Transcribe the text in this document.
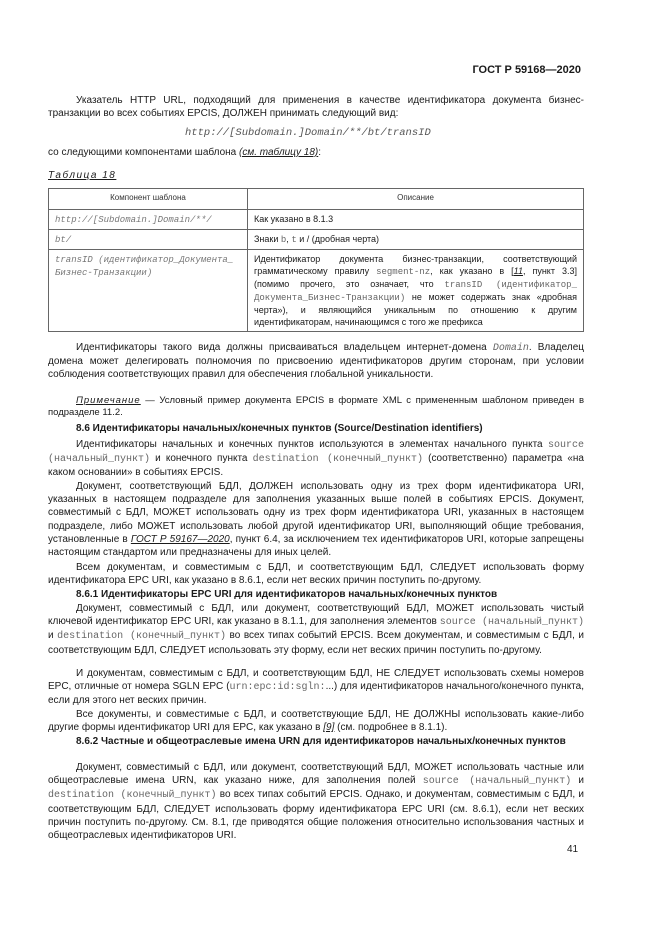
ГОСТ Р 59168—2020

Указатель HTTP URL, подходящий для применения в качестве идентификатора документа бизнес-транзакции во всех событиях EPCIS, ДОЛЖЕН принимать следующий вид:

http://[Subdomain.]Domain/**/bt/transID

со следующими компонентами шаблона (см. таблицу 18):

Таблица 18
Компонент шаблона	Описание
http://[Subdomain.]Domain/**/	Как указано в 8.1.3
bt/	Знаки b, t и / (дробная черта)
transID (идентификатор_Документа_ Бизнес-Транзакции)	Идентификатор документа бизнес-транзакции, соответствующий грамматическому правилу segment-nz, как указано в [11, пункт 3.3] (помимо прочего, это означает, что transID (идентификатор_ Документа_Бизнес-Транзакции) не может содержать знак «дробная черта»), и являющийся уникальным по отношению к другим идентификаторам, начинающимся с того же префикса

Идентификаторы такого вида должны присваиваться владельцем интернет-домена Domain. Владелец домена может делегировать полномочия по присвоению идентификаторов другим сторонам, при условии соблюдения соответствующих правил для обеспечения глобальной уникальности.

Примечание — Условный пример документа EPCIS в формате XML с примененным шаблоном приведен в подразделе 11.2.

8.6 Идентификаторы начальных/конечных пунктов (Source/Destination identifiers)

Идентификаторы начальных и конечных пунктов используются в элементах начального пункта source (начальный_пункт) и конечного пункта destination (конечный_пункт) (соответственно) параметра «на каком основании» в событиях EPCIS.

Документ, соответствующий БДЛ, ДОЛЖЕН использовать одну из трех форм идентификатора URI, указанных в настоящем подразделе для заполнения указанных выше полей в событиях EPCIS. Документ, совместимый с БДЛ, МОЖЕТ использовать одну из трех форм идентификатора URI, указанных в настоящем подразделе, либо МОЖЕТ использовать любой другой идентификатор URI, выполняющий общие требования, установленные в ГОСТ Р 59167—2020, пункт 6.4, за исключением тех идентификаторов URI, которые запрещены настоящим стандартом или предназначены для иных целей.

Всем документам, и совместимым с БДЛ, и соответствующим БДЛ, СЛЕДУЕТ использовать форму идентификатора EPC URI, как указано в 8.6.1, если нет веских причин поступить по-другому.

8.6.1 Идентификаторы EPC URI для идентификаторов начальных/конечных пунктов

Документ, совместимый с БДЛ, или документ, соответствующий БДЛ, МОЖЕТ использовать чистый ключевой идентификатор EPC URI, как указано в 8.1.1, для заполнения элементов source (начальный_пункт) и destination (конечный_пункт) во всех типах событий EPCIS. Всем документам, и совместимым с БДЛ, и соответствующим БДЛ, СЛЕДУЕТ использовать эту форму, если нет веских причин поступить по-другому.

И документам, совместимым с БДЛ, и соответствующим БДЛ, НЕ СЛЕДУЕТ использовать схемы номеров EPC, отличные от номера SGLN EPC (urn:epc:id:sgln:...) для идентификаторов начального/конечного пункта, если для этого нет веских причин.

Все документы, и совместимые с БДЛ, и соответствующие БДЛ, НЕ ДОЛЖНЫ использовать какие-либо другие формы идентификатор URI для EPC, как указано в [9] (см. подробнее в 8.1.1).

8.6.2 Частные и общеотраслевые имена URN для идентификаторов начальных/конечных пунктов

Документ, совместимый с БДЛ, или документ, соответствующий БДЛ, МОЖЕТ использовать частные или общеотраслевые имена URN, как указано ниже, для заполнения полей source (начальный_пункт) и destination (конечный_пункт) во всех типах событий EPCIS. Однако, и документам, совместимым с БДЛ, и соответствующим БДЛ, СЛЕДУЕТ использовать форму идентификатора EPC URI (см. 8.6.1), если нет веских причин поступить по-другому. См. 8.1, где приводятся общие положения относительно использования частных и общеотраслевых идентификаторов URI.

41
